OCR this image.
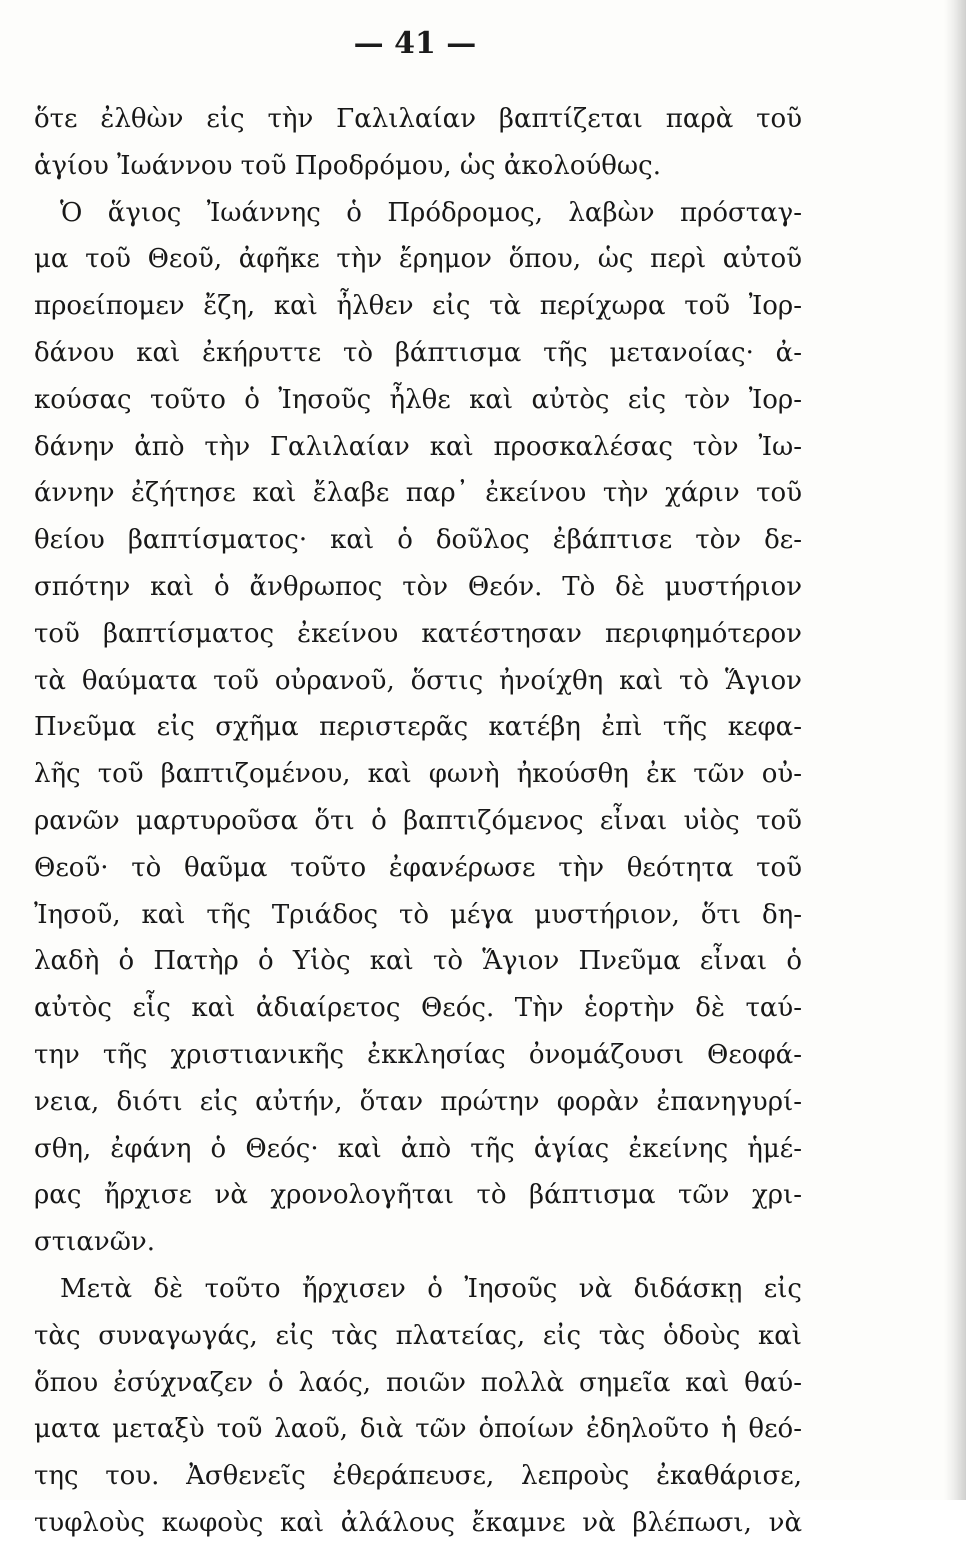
— 41 —
ὅτε ἐλθὼν εἰς τὴν Γαλιλαίαν βαπτίζεται παρὰ τοῦ
ἁγίου Ἰωάννου τοῦ Προδρόμου, ὡς ἀκολούθως.
Ὁ ἅγιος Ἰωάννης ὁ Πρόδρομος, λαβὼν πρόσταγ-
μα τοῦ Θεοῦ, ἀφῆκε τὴν ἔρημον ὅπου, ὡς περὶ αὐτοῦ
προείπομεν ἔζη, καὶ ἦλθεν εἰς τὰ περίχωρα τοῦ Ἰορ-
δάνου καὶ ἐκήρυττε τὸ βάπτισμα τῆς μετανοίας· ἀ-
κούσας τοῦτο ὁ Ἰησοῦς ἦλθε καὶ αὐτὸς εἰς τὸν Ἰορ-
δάνην ἀπὸ τὴν Γαλιλαίαν καὶ προσκαλέσας τὸν Ἰω-
άννην ἐζήτησε καὶ ἔλαβε παρ᾽ ἐκείνου τὴν χάριν τοῦ
θείου βαπτίσματος· καὶ ὁ δοῦλος ἐβάπτισε τὸν δε-
σπότην καὶ ὁ ἄνθρωπος τὸν Θεόν. Τὸ δὲ μυστήριον
τοῦ βαπτίσματος ἐκείνου κατέστησαν περιφημότερον
τὰ θαύματα τοῦ οὐρανοῦ, ὅστις ἠνοίχθη καὶ τὸ Ἅγιον
Πνεῦμα εἰς σχῆμα περιστερᾶς κατέβη ἐπὶ τῆς κεφα-
λῆς τοῦ βαπτιζομένου, καὶ φωνὴ ἠκούσθη ἐκ τῶν οὐ-
ρανῶν μαρτυροῦσα ὅτι ὁ βαπτιζόμενος εἶναι υἱὸς τοῦ
Θεοῦ· τὸ θαῦμα τοῦτο ἐφανέρωσε τὴν θεότητα τοῦ
Ἰησοῦ, καὶ τῆς Τριάδος τὸ μέγα μυστήριον, ὅτι δη-
λαδὴ ὁ Πατὴρ ὁ Υἱὸς καὶ τὸ Ἅγιον Πνεῦμα εἶναι ὁ
αὐτὸς εἷς καὶ ἀδιαίρετος Θεός. Τὴν ἑορτὴν δὲ ταύ-
την τῆς χριστιανικῆς ἐκκλησίας ὀνομάζουσι Θεοφά-
νεια, διότι εἰς αὐτήν, ὅταν πρώτην φορὰν ἐπανηγυρί-
σθη, ἐφάνη ὁ Θεός· καὶ ἀπὸ τῆς ἁγίας ἐκείνης ἡμέ-
ρας ἤρχισε νὰ χρονολογῆται τὸ βάπτισμα τῶν χρι-
στιανῶν.
Μετὰ δὲ τοῦτο ἤρχισεν ὁ Ἰησοῦς νὰ διδάσκῃ εἰς
τὰς συναγωγάς, εἰς τὰς πλατείας, εἰς τὰς ὁδοὺς καὶ
ὅπου ἐσύχναζεν ὁ λαός, ποιῶν πολλὰ σημεῖα καὶ θαύ-
ματα μεταξὺ τοῦ λαοῦ, διὰ τῶν ὁποίων ἐδηλοῦτο ἡ θεό-
της του. Ἀσθενεῖς ἐθεράπευσε, λεπροὺς ἐκαθάρισε,
τυφλοὺς κωφοὺς καὶ ἀλάλους ἔκαμνε νὰ βλέπωσι, νὰ
